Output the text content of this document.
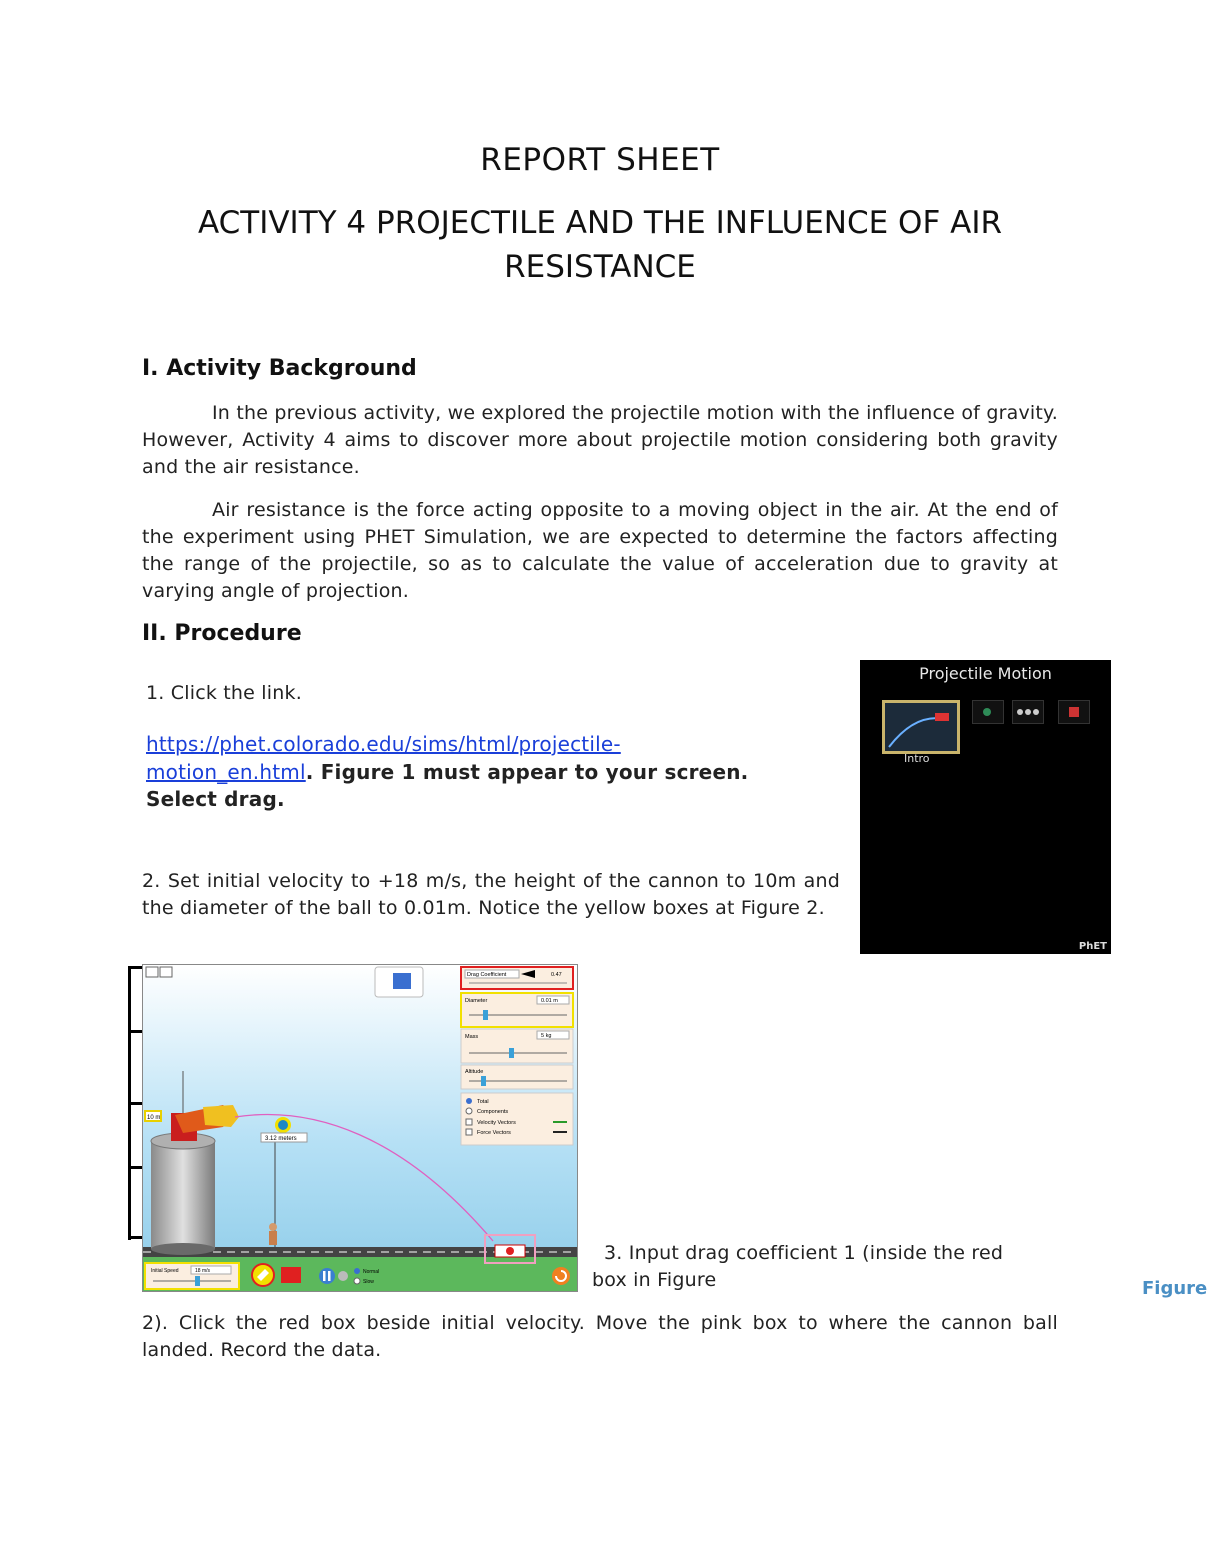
REPORT SHEET
ACTIVITY 4 PROJECTILE AND THE INFLUENCE OF AIR RESISTANCE
I. Activity Background
In the previous activity, we explored the projectile motion with the influence of gravity. However, Activity 4 aims to discover more about projectile motion considering both gravity and the air resistance.
Air resistance is the force acting opposite to a moving object in the air. At the end of the experiment using PHET Simulation, we are expected to determine the factors affecting the range of the projectile, so as to calculate the value of acceleration due to gravity at varying angle of projection.
II. Procedure
1. Click the link.
https://phet.colorado.edu/sims/html/projectile-
motion_en.html. Figure 1 must appear to your screen.
Select drag.
2. Set initial velocity to +18 m/s, the height of the cannon to 10m and the diameter of the ball to 0.01m. Notice the yellow boxes at Figure 2.
3. Input drag coefficient 1 (inside the red
box in Figure	Figure
2). Click the red box beside initial velocity. Move the pink box to where the cannon ball landed. Record the data.
Projectile Motion
Intro
PhET
10 m
3.12 meters
Drag Coefficient	0.47
Diameter	0.01 m
Mass	5 kg
Altitude
Total
Components
Velocity Vectors
Force Vectors
Initial Speed	18 m/s	Normal
Slow
